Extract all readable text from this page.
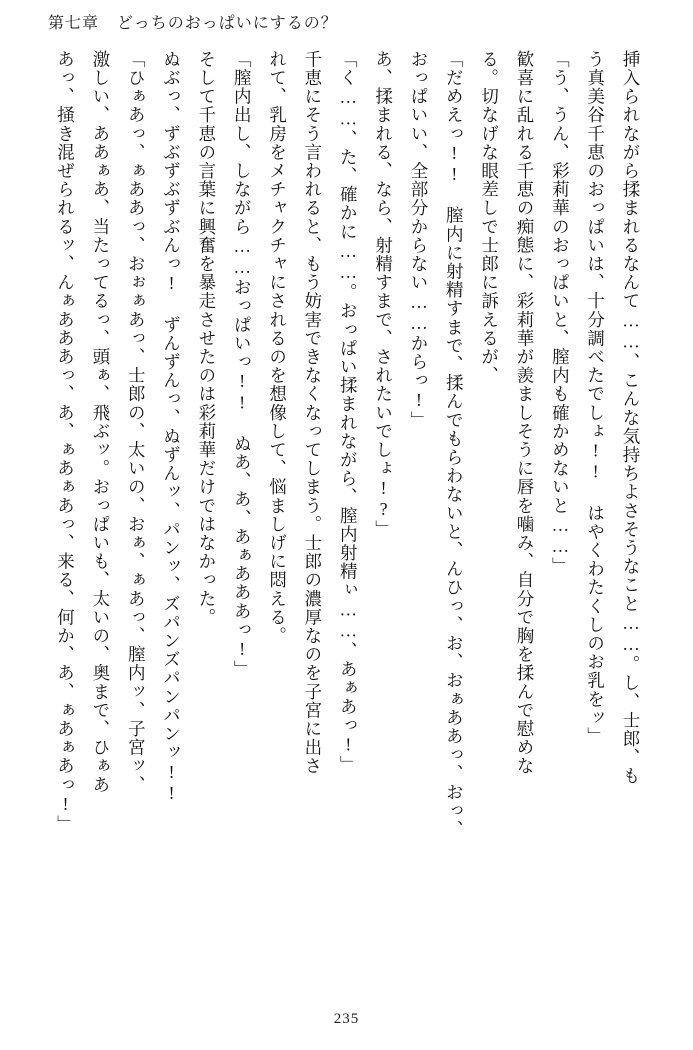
第七章 どっちのおっぱいにするの？

挿入られながら揉まれるなんて……、こんな気持ちよさそうなこと……。し、士郎、も

う真美谷千恵のおっぱいは、十分調べたでしょ!! はやくわたくしのお乳をッ」

「う、うん、彩莉華のおっぱいと、膣内も確かめないと……」

歓喜に乱れる千恵の痴態に、彩莉華が羨ましそうに唇を噛み、自分で胸を揉んで慰めな

る。切なげな眼差しで士郎に訴えるが、

「だめえっ!! 膣内に射精すまで、揉んでもらわないと、んひっ、お、おぁああっ、おっ、

おっぱいい、全部分からない……からっ!」

あ、揉まれる、なら、射精すまで、されたいでしょ!?」

「く……、た、確かに……。おっぱい揉まれながら、膣内射精ぃ……、あぁあっ!」

千恵にそう言われると、もう妨害できなくなってしまう。士郎の濃厚なのを子宮に出さ

れて、乳房をメチャクチャにされるのを想像して、悩ましげに悶える。

「膣内出し、しながら……おっぱいっ!! ぬあ、あ、あぁあああっ!」

そして千恵の言葉に興奮を暴走させたのは彩莉華だけではなかった。

ぬぶっ、ずぶずぶずぶんっ! ずんずんっ、ぬずんッ、パンッ、ズパンズパンパンッ!!

「ひぁあっ、ぁああっ、おぉぁあっ、士郎の、太いの、おぁ、ぁあっ、膣内ッ、子宮ッ、

激しい、ああぁあ、当たってるっ、頭ぁ、飛ぶッ。おっぱいも、太いの、奥まで、ひぁあ

あっ、掻き混ぜられるッ、んぁあああっ、あ、ぁあぁあっ、来る、何か、あ、ぁあぁあっ!」

235
